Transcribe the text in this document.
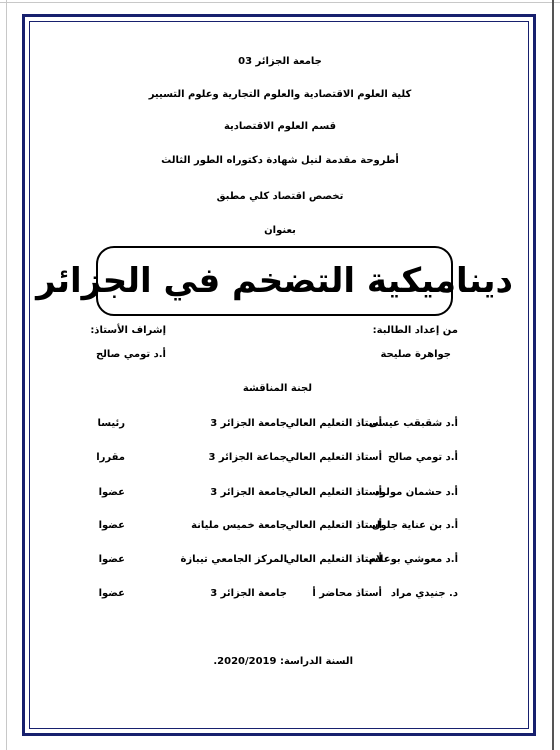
جامعة الجزائر 03
كلية العلوم الاقتصادية والعلوم التجارية وعلوم التسيير
قسم العلوم الاقتصادية
أطروحة مقدمة لنيل شهادة دكتوراه الطور الثالث
تخصص اقتصاد كلي مطبق
بعنوان
ديناميكية التضخم في الجزائر
من إعداد الطالبة:
إشراف الأستاذ:
جواهرة صليحة
أ.د تومي صالح
لجنة المناقشة
أ.د شقبقب عيسى
أستاذ التعليم العالي
جامعة الجزائر 3
رئيسا
أ.د تومي صالح
أستاذ التعليم العالي
جماعة الجزائر 3
مقررا
أ.د حشمان مولود
أستاذ التعليم العالي
جامعة الجزائر 3
عضوا
أ.د بن عناية جلول
أستاذ التعليم العالي
جامعة خميس مليانة
عضوا
أ.د معوشي بوعلام
أستاذ التعليم العالي
المركز الجامعي تيبازة
عضوا
د. جنيدي مراد
أستاذ محاضر أ
جامعة الجزائر 3
عضوا
السنة الدراسة: 2020/2019.
